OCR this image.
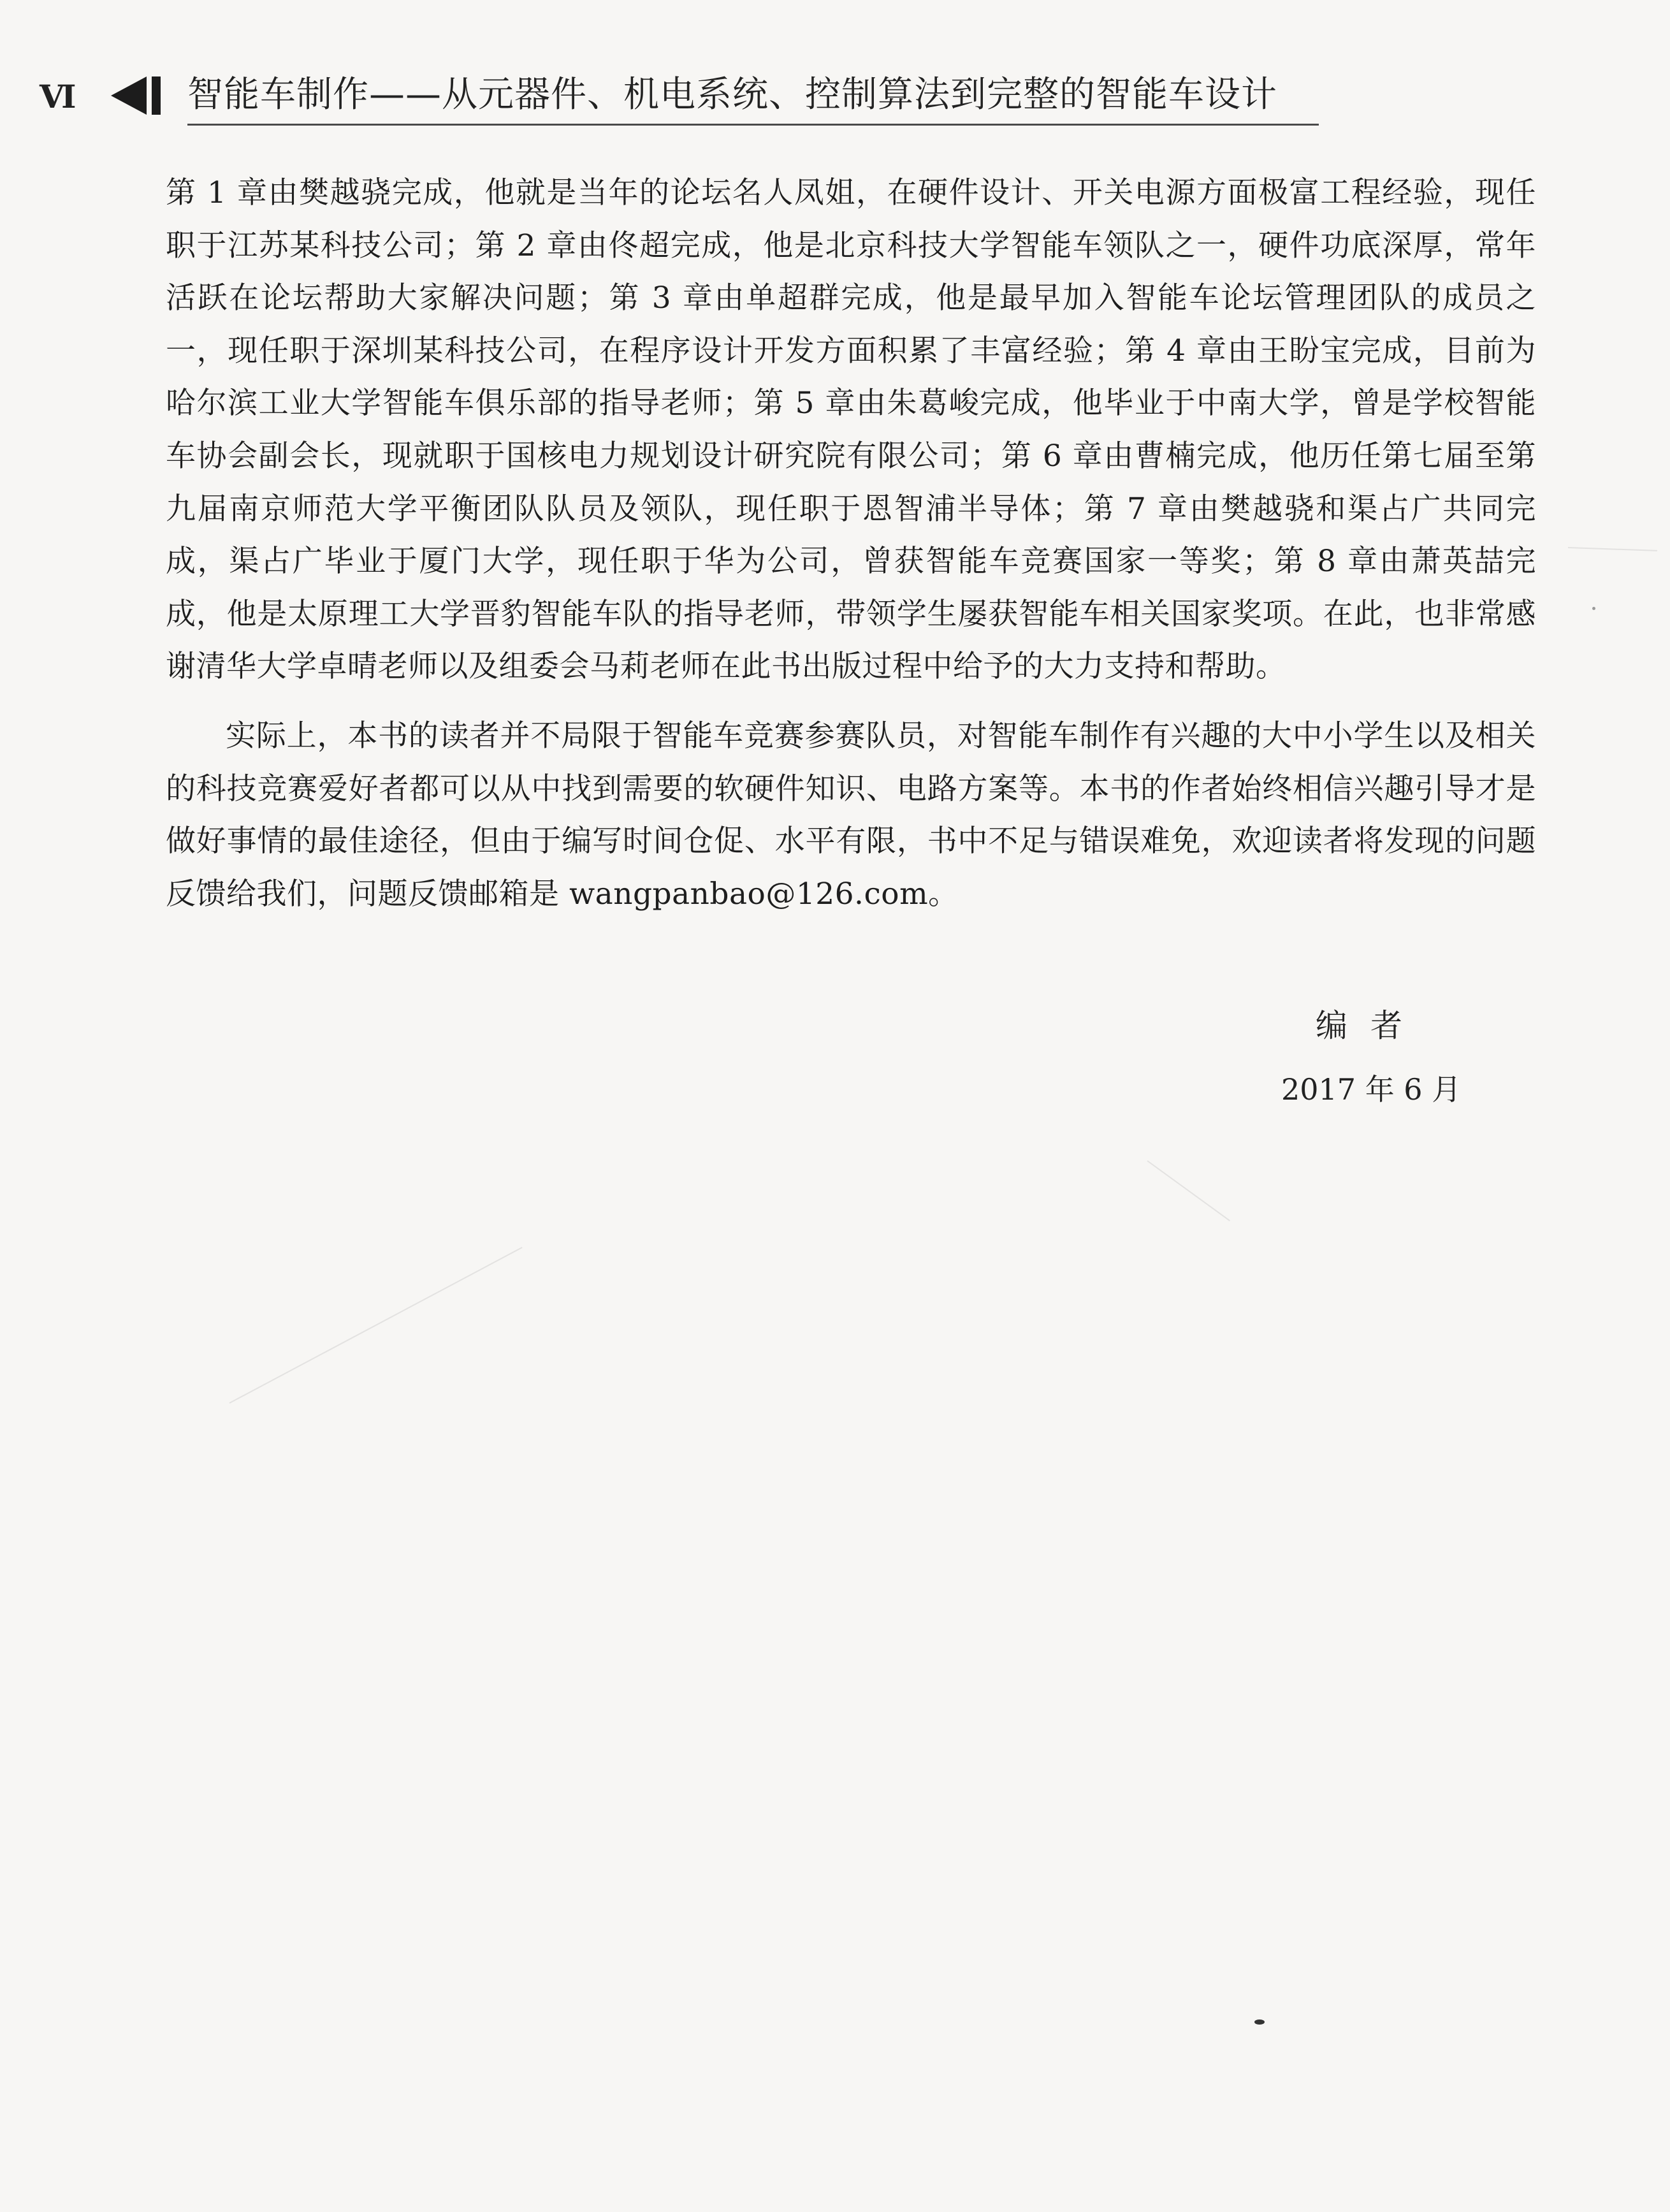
Ⅵ	智能车制作——从元器件、机电系统、控制算法到完整的智能车设计

第 1 章由樊越骁完成，他就是当年的论坛名人凤姐，在硬件设计、开关电源方面极富工程经验，现任职于江苏某科技公司；第 2 章由佟超完成，他是北京科技大学智能车领队之一，硬件功底深厚，常年活跃在论坛帮助大家解决问题；第 3 章由单超群完成，他是最早加入智能车论坛管理团队的成员之一，现任职于深圳某科技公司，在程序设计开发方面积累了丰富经验；第 4 章由王盼宝完成，目前为哈尔滨工业大学智能车俱乐部的指导老师；第 5 章由朱葛峻完成，他毕业于中南大学，曾是学校智能车协会副会长，现就职于国核电力规划设计研究院有限公司；第 6 章由曹楠完成，他历任第七届至第九届南京师范大学平衡团队队员及领队，现任职于恩智浦半导体；第 7 章由樊越骁和渠占广共同完成，渠占广毕业于厦门大学，现任职于华为公司，曾获智能车竞赛国家一等奖；第 8 章由萧英喆完成，他是太原理工大学晋豹智能车队的指导老师，带领学生屡获智能车相关国家奖项。在此，也非常感谢清华大学卓晴老师以及组委会马莉老师在此书出版过程中给予的大力支持和帮助。

实际上，本书的读者并不局限于智能车竞赛参赛队员，对智能车制作有兴趣的大中小学生以及相关的科技竞赛爱好者都可以从中找到需要的软硬件知识、电路方案等。本书的作者始终相信兴趣引导才是做好事情的最佳途径，但由于编写时间仓促、水平有限，书中不足与错误难免，欢迎读者将发现的问题反馈给我们，问题反馈邮箱是 wangpanbao@126.com。

编者
2017 年 6 月
